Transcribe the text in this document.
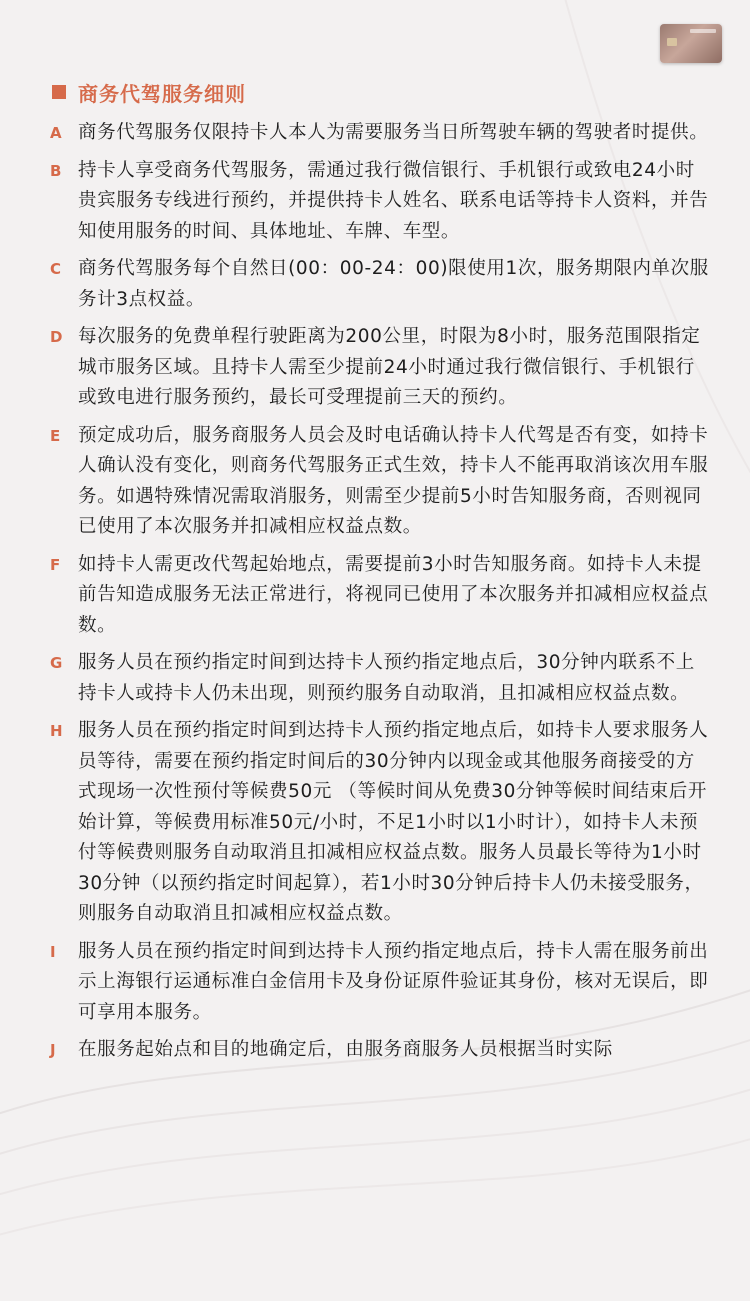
商务代驾服务细则
A 商务代驾服务仅限持卡人本人为需要服务当日所驾驶车辆的驾驶者时提供。
B 持卡人享受商务代驾服务，需通过我行微信银行、手机银行或致电24小时贵宾服务专线进行预约，并提供持卡人姓名、联系电话等持卡人资料，并告知使用服务的时间、具体地址、车牌、车型。
C 商务代驾服务每个自然日(00：00-24：00)限使用1次，服务期限内单次服务计3点权益。
D 每次服务的免费单程行驶距离为200公里，时限为8小时，服务范围限指定城市服务区域。且持卡人需至少提前24小时通过我行微信银行、手机银行或致电进行服务预约，最长可受理提前三天的预约。
E 预定成功后，服务商服务人员会及时电话确认持卡人代驾是否有变，如持卡人确认没有变化，则商务代驾服务正式生效，持卡人不能再取消该次用车服务。如遇特殊情况需取消服务，则需至少提前5小时告知服务商，否则视同已使用了本次服务并扣减相应权益点数。
F 如持卡人需更改代驾起始地点，需要提前3小时告知服务商。如持卡人未提前告知造成服务无法正常进行，将视同已使用了本次服务并扣减相应权益点数。
G 服务人员在预约指定时间到达持卡人预约指定地点后，30分钟内联系不上持卡人或持卡人仍未出现，则预约服务自动取消，且扣减相应权益点数。
H 服务人员在预约指定时间到达持卡人预约指定地点后，如持卡人要求服务人员等待，需要在预约指定时间后的30分钟内以现金或其他服务商接受的方式现场一次性预付等候费50元 （等候时间从免费30分钟等候时间结束后开始计算，等候费用标准50元/小时，不足1小时以1小时计），如持卡人未预付等候费则服务自动取消且扣减相应权益点数。服务人员最长等待为1小时30分钟（以预约指定时间起算），若1小时30分钟后持卡人仍未接受服务，则服务自动取消且扣减相应权益点数。
I	服务人员在预约指定时间到达持卡人预约指定地点后，持卡人需在服务前出示上海银行运通标准白金信用卡及身份证原件验证其身份，核对无误后，即可享用本服务。
J	在服务起始点和目的地确定后，由服务商服务人员根据当时实际
